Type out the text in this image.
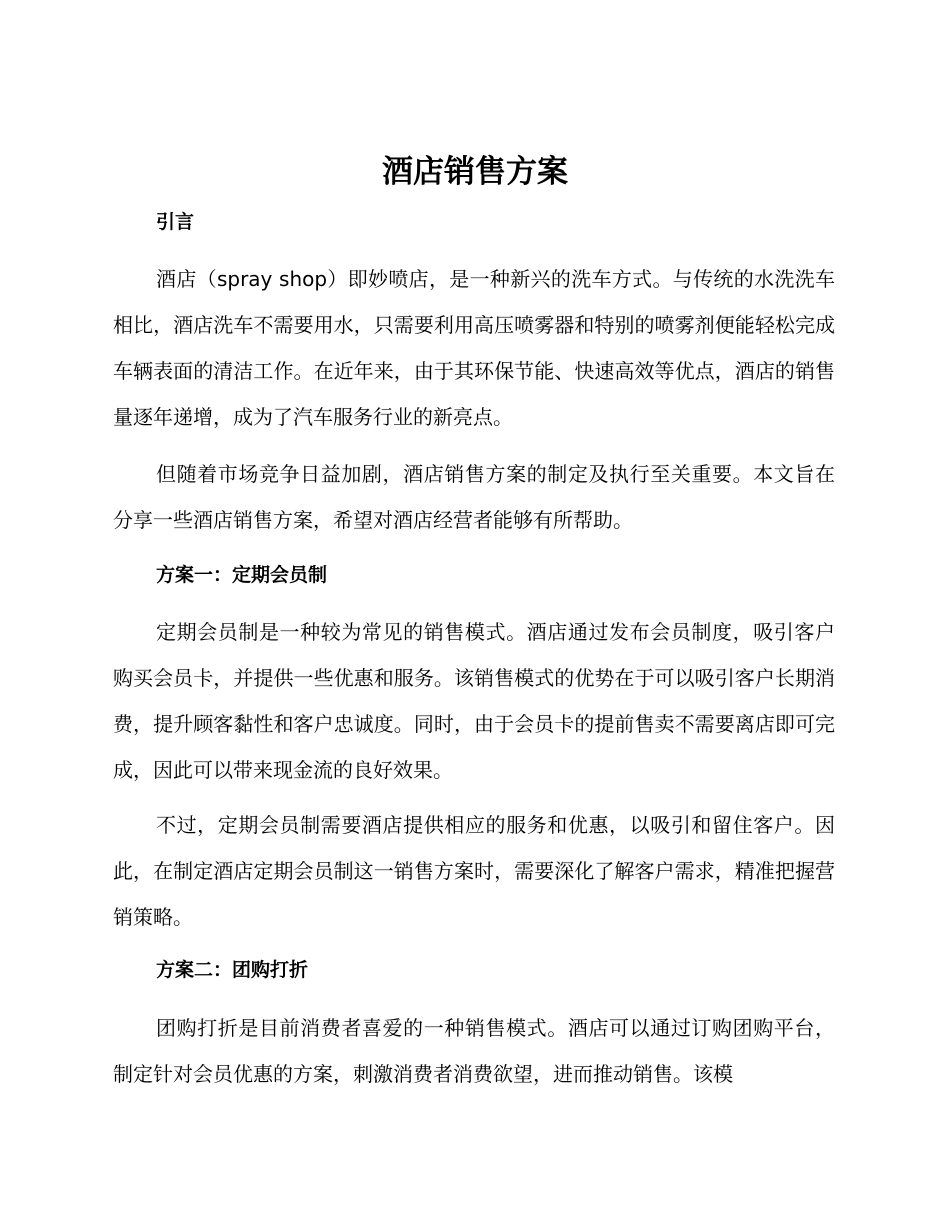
酒店销售方案
引言

酒店（spray shop）即妙喷店，是一种新兴的洗车方式。与传统的水洗洗车相比，酒店洗车不需要用水，只需要利用高压喷雾器和特别的喷雾剂便能轻松完成车辆表面的清洁工作。在近年来，由于其环保节能、快速高效等优点，酒店的销售量逐年递增，成为了汽车服务行业的新亮点。

但随着市场竞争日益加剧，酒店销售方案的制定及执行至关重要。本文旨在分享一些酒店销售方案，希望对酒店经营者能够有所帮助。

方案一：定期会员制

定期会员制是一种较为常见的销售模式。酒店通过发布会员制度，吸引客户购买会员卡，并提供一些优惠和服务。该销售模式的优势在于可以吸引客户长期消费，提升顾客黏性和客户忠诚度。同时，由于会员卡的提前售卖不需要离店即可完成，因此可以带来现金流的良好效果。

不过，定期会员制需要酒店提供相应的服务和优惠，以吸引和留住客户。因此，在制定酒店定期会员制这一销售方案时，需要深化了解客户需求，精准把握营销策略。

方案二：团购打折

团购打折是目前消费者喜爱的一种销售模式。酒店可以通过订购团购平台，制定针对会员优惠的方案，刺激消费者消费欲望，进而推动销售。该模
